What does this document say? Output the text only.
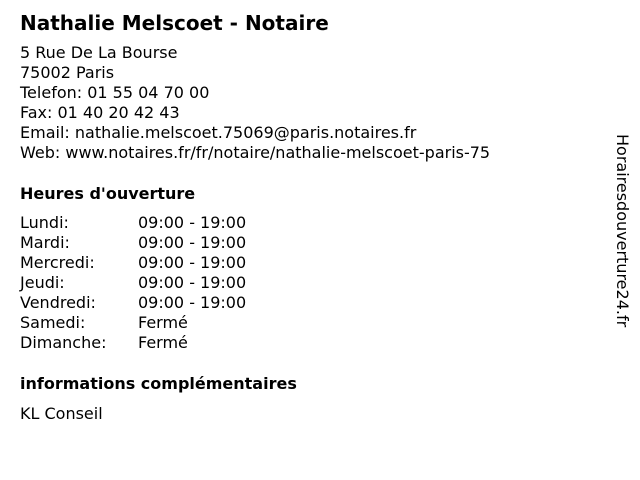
Nathalie Melscoet - Notaire
5 Rue De La Bourse
75002 Paris
Telefon: 01 55 04 70 00
Fax: 01 40 20 42 43
Email: nathalie.melscoet.75069@paris.notaires.fr
Web: www.notaires.fr/fr/notaire/nathalie-melscoet-paris-75
Heures d'ouverture
Lundi:	09:00 - 19:00
Mardi:	09:00 - 19:00
Mercredi:	09:00 - 19:00
Jeudi:	09:00 - 19:00
Vendredi:	09:00 - 19:00
Samedi:	Fermé
Dimanche: Fermé
informations complémentaires
KL Conseil
Horairesdouverture24.fr
